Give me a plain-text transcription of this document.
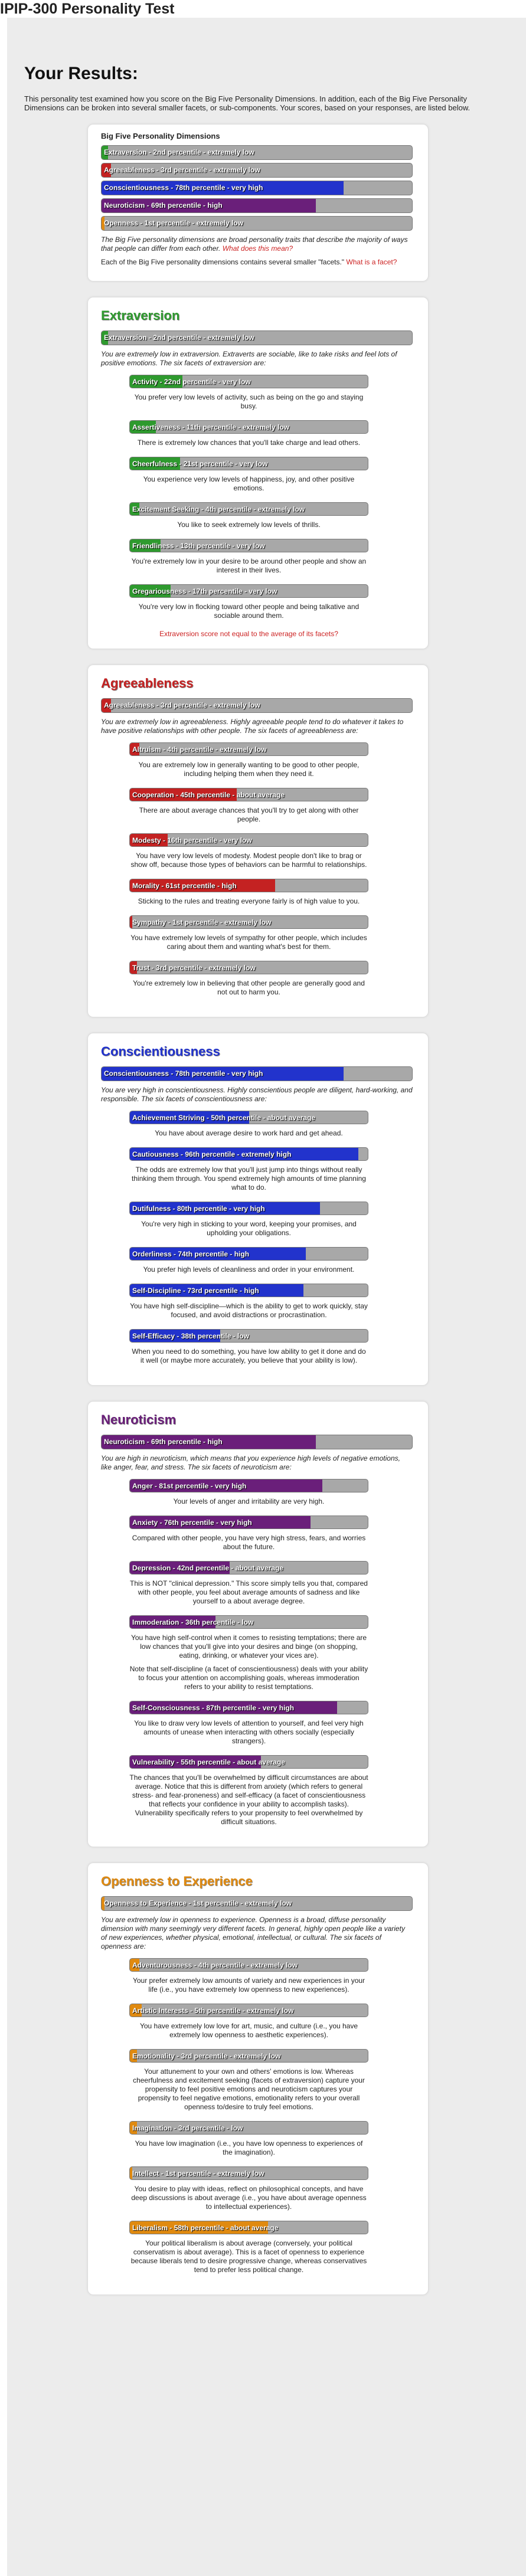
IPIP-300 Personality Test
Your Results:
This personality test examined how you score on the Big Five Personality Dimensions. In addition, each of the Big Five Personality Dimensions can be broken into several smaller facets, or sub-components. Your scores, based on your responses, are listed below.
Big Five Personality Dimensions
Extraversion - 2nd percentile - extremely low
Agreeableness - 3rd percentile - extremely low
Conscientiousness - 78th percentile - very high
Neuroticism - 69th percentile - high
Openness - 1st percentile - extremely low
The Big Five personality dimensions are broad personality traits that describe the majority of ways that people can differ from each other. What does this mean?
Each of the Big Five personality dimensions contains several smaller "facets." What is a facet?
Extraversion
Extraversion - 2nd percentile - extremely low
You are extremely low in extraversion. Extraverts are sociable, like to take risks and feel lots of positive emotions. The six facets of extraversion are:
Activity - 22nd percentile - very low
You prefer very low levels of activity, such as being on the go and staying busy.
Assertiveness - 11th percentile - extremely low
There is extremely low chances that you'll take charge and lead others.
Cheerfulness - 21st percentile - very low
You experience very low levels of happiness, joy, and other positive emotions.
Excitement Seeking - 4th percentile - extremely low
You like to seek extremely low levels of thrills.
Friendliness - 13th percentile - very low
You're extremely low in your desire to be around other people and show an interest in their lives.
Gregariousness - 17th percentile - very low
You're very low in flocking toward other people and being talkative and sociable around them.
Extraversion score not equal to the average of its facets?
Agreeableness
Agreeableness - 3rd percentile - extremely low
You are extremely low in agreeableness. Highly agreeable people tend to do whatever it takes to have positive relationships with other people. The six facets of agreeableness are:
Altruism - 4th percentile - extremely low
You are extremely low in generally wanting to be good to other people, including helping them when they need it.
Cooperation - 45th percentile - about average
There are about average chances that you'll try to get along with other people.
Modesty - 16th percentile - very low
You have very low levels of modesty. Modest people don't like to brag or show off, because those types of behaviors can be harmful to relationships.
Morality - 61st percentile - high
Sticking to the rules and treating everyone fairly is of high value to you.
Sympathy - 1st percentile - extremely low
You have extremely low levels of sympathy for other people, which includes caring about them and wanting what's best for them.
Trust - 3rd percentile - extremely low
You're extremely low in believing that other people are generally good and not out to harm you.
Conscientiousness
Conscientiousness - 78th percentile - very high
You are very high in conscientiousness. Highly conscientious people are diligent, hard-working, and responsible. The six facets of conscientiousness are:
Achievement Striving - 50th percentile - about average
You have about average desire to work hard and get ahead.
Cautiousness - 96th percentile - extremely high
The odds are extremely low that you'll just jump into things without really thinking them through. You spend extremely high amounts of time planning what to do.
Dutifulness - 80th percentile - very high
You're very high in sticking to your word, keeping your promises, and upholding your obligations.
Orderliness - 74th percentile - high
You prefer high levels of cleanliness and order in your environment.
Self-Discipline - 73rd percentile - high
You have high self-discipline—which is the ability to get to work quickly, stay focused, and avoid distractions or procrastination.
Self-Efficacy - 38th percentile - low
When you need to do something, you have low ability to get it done and do it well (or maybe more accurately, you believe that your ability is low).
Neuroticism
Neuroticism - 69th percentile - high
You are high in neuroticism, which means that you experience high levels of negative emotions, like anger, fear, and stress. The six facets of neuroticism are:
Anger - 81st percentile - very high
Your levels of anger and irritability are very high.
Anxiety - 76th percentile - very high
Compared with other people, you have very high stress, fears, and worries about the future.
Depression - 42nd percentile - about average
This is NOT "clinical depression." This score simply tells you that, compared with other people, you feel about average amounts of sadness and like yourself to a about average degree.
Immoderation - 36th percentile - low
You have high self-control when it comes to resisting temptations; there are low chances that you'll give into your desires and binge (on shopping, eating, drinking, or whatever your vices are).
Note that self-discipline (a facet of conscientiousness) deals with your ability to focus your attention on accomplishing goals, whereas immoderation refers to your ability to resist temptations.
Self-Consciousness - 87th percentile - very high
You like to draw very low levels of attention to yourself, and feel very high amounts of unease when interacting with others socially (especially strangers).
Vulnerability - 55th percentile - about average
The chances that you'll be overwhelmed by difficult circumstances are about average. Notice that this is different from anxiety (which refers to general stress- and fear-proneness) and self-efficacy (a facet of conscientiousness that reflects your confidence in your ability to accomplish tasks). Vulnerability specifically refers to your propensity to feel overwhelmed by difficult situations.
Openness to Experience
Openness to Experience - 1st percentile - extremely low
You are extremely low in openness to experience. Openness is a broad, diffuse personality dimension with many seemingly very different facets. In general, highly open people like a variety of new experiences, whether physical, emotional, intellectual, or cultural. The six facets of openness are:
Adventurousness - 4th percentile - extremely low
Your prefer extremely low amounts of variety and new experiences in your life (i.e., you have extremely low openness to new experiences).
Artistic Interests - 5th percentile - extremely low
You have extremely low love for art, music, and culture (i.e., you have extremely low openness to aesthetic experiences).
Emotionality - 3rd percentile - extremely low
Your attunement to your own and others' emotions is low. Whereas cheerfulness and excitement seeking (facets of extraversion) capture your propensity to feel positive emotions and neuroticism captures your propensity to feel negative emotions, emotionality refers to your overall openness to/desire to truly feel emotions.
Imagination - 3rd percentile - low
You have low imagination (i.e., you have low openness to experiences of the imagination).
Intellect - 1st percentile - extremely low
You desire to play with ideas, reflect on philosophical concepts, and have deep discussions is about average (i.e., you have about average openness to intellectual experiences).
Liberalism - 58th percentile - about average
Your political liberalism is about average (conversely, your political conservatism is about average). This is a facet of openness to experience because liberals tend to desire progressive change, whereas conservatives tend to prefer less political change.
